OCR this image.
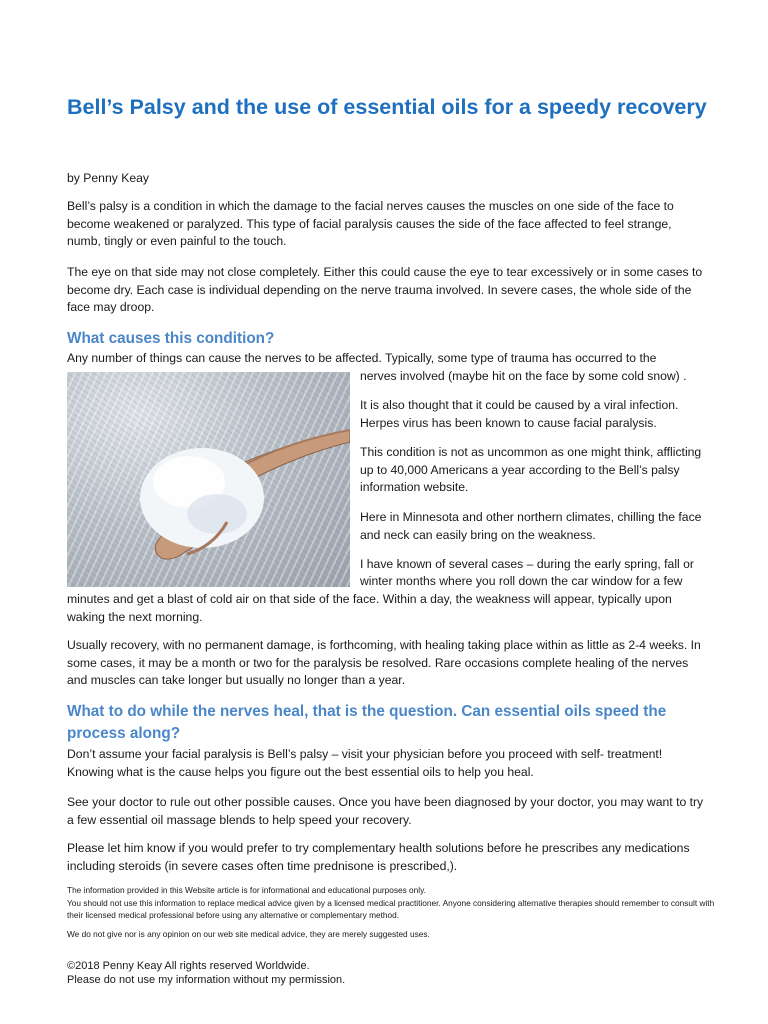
Bell’s Palsy and the use of essential oils for a speedy recovery

by Penny Keay

Bell’s palsy is a condition in which the damage to the facial nerves causes the muscles on one side of the face to become weakened or paralyzed. This type of facial paralysis causes the side of the face affected to feel strange, numb, tingly or even painful to the touch.

The eye on that side may not close completely. Either this could cause the eye to tear excessively or in some cases to become dry. Each case is individual depending on the nerve trauma involved. In severe cases, the whole side of the face may droop.

What causes this condition?

Any number of things can cause the nerves to be affected. Typically, some type of trauma has occurred to the

nerves involved (maybe hit on the face by some cold snow) .

It is also thought that it could be caused by a viral infection. Herpes virus has been known to cause facial paralysis.

This condition is not as uncommon as one might think, afflicting up to 40,000 Americans a year according to the Bell’s palsy information website.

Here in Minnesota and other northern climates, chilling the face and neck can easily bring on the weakness.

I have known of several cases – during the early spring, fall or

winter months where you roll down the car window for a few

minutes and get a blast of cold air on that side of the face. Within a day, the weakness will appear, typically upon waking the next morning.

Usually recovery, with no permanent damage, is forthcoming, with healing taking place within as little as 2-4 weeks. In some cases, it may be a month or two for the paralysis be resolved. Rare occasions complete healing of the nerves and muscles can take longer but usually no longer than a year.

What to do while the nerves heal, that is the question. Can essential oils speed the process along?

Don’t assume your facial paralysis is Bell’s palsy – visit your physician before you proceed with self- treatment! Knowing what is the cause helps you figure out the best essential oils to help you heal.

See your doctor to rule out other possible causes. Once you have been diagnosed by your doctor, you may want to try a few essential oil massage blends to help speed your recovery.

Please let him know if you would prefer to try complementary health solutions before he prescribes any medications including steroids (in severe cases often time prednisone is prescribed,).

The information provided in this Website article is for informational and educational purposes only.

You should not use this information to replace medical advice given by a licensed medical practitioner. Anyone considering alternative therapies should remember to consult with their licensed medical professional before using any alternative or complementary method.

We do not give nor is any opinion on our web site medical advice, they are merely suggested uses.

©2018 Penny Keay All rights reserved Worldwide.

Please do not use my information without my permission.
